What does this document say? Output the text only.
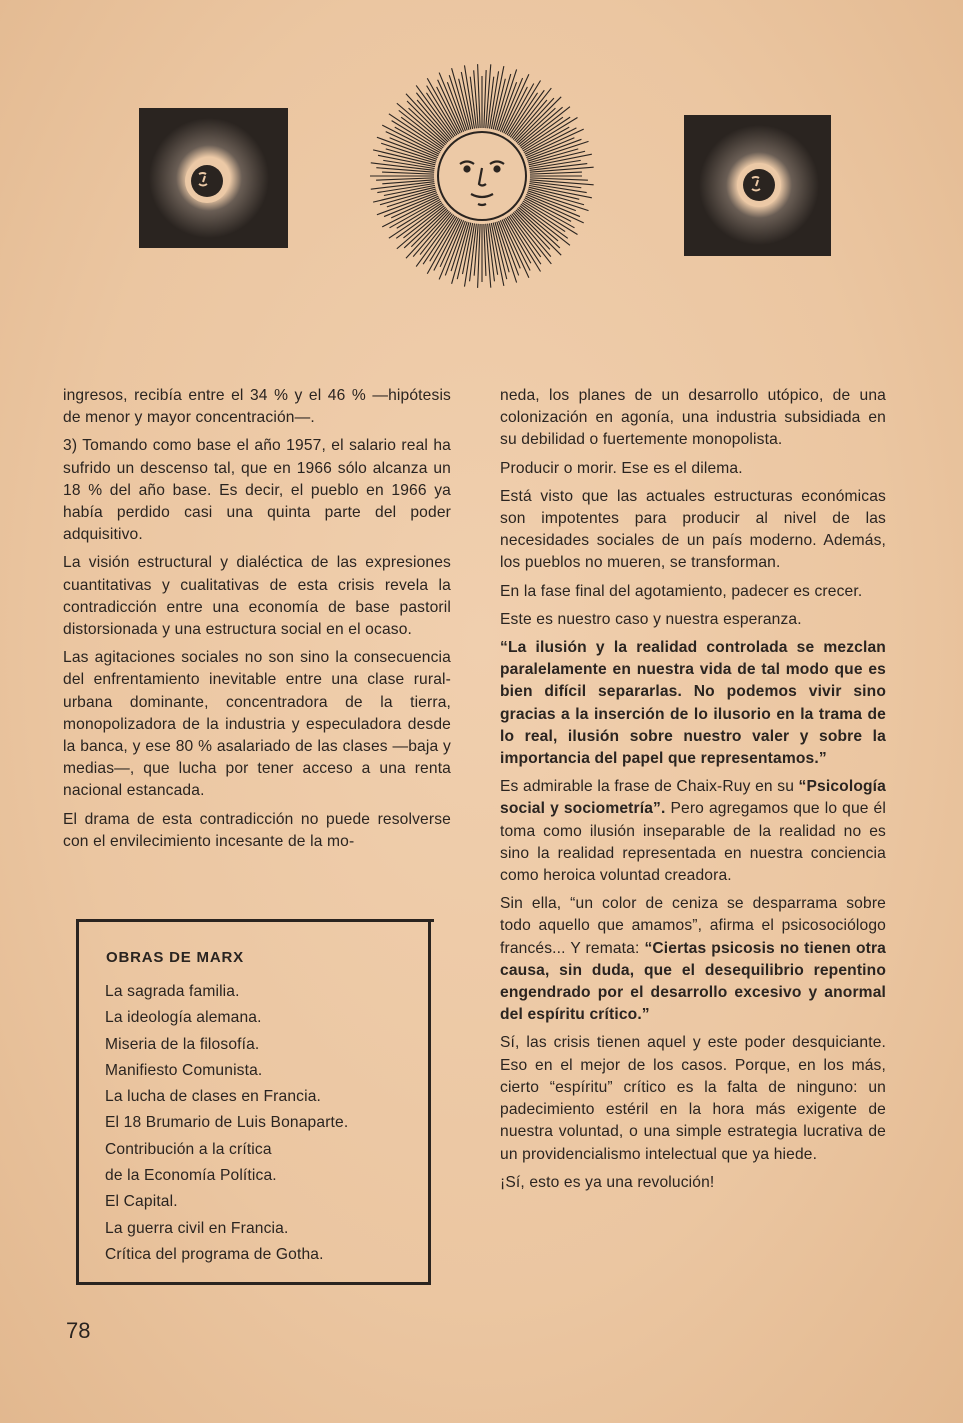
ingresos, recibía entre el 34 % y el 46 % —hipótesis de menor y mayor concentración—.

3) Tomando como base el año 1957, el salario real ha sufrido un descenso tal, que en 1966 sólo alcanza un 18 % del año base. Es decir, el pueblo en 1966 ya había perdido casi una quinta parte del poder adquisitivo.

La visión estructural y dialéctica de las expresiones cuantitativas y cualitativas de esta crisis revela la contradicción entre una economía de base pastoril distorsionada y una estructura social en el ocaso.

Las agitaciones sociales no son sino la consecuencia del enfrentamiento inevitable entre una clase rural-urbana dominante, concentradora de la tierra, monopolizadora de la industria y especuladora desde la banca, y ese 80 % asalariado de las clases —baja y medias—, que lucha por tener acceso a una renta nacional estancada.

El drama de esta contradicción no puede resolverse con el envilecimiento incesante de la mo-

neda, los planes de un desarrollo utópico, de una colonización en agonía, una industria subsidiada en su debilidad o fuertemente monopolista.

Producir o morir. Ese es el dilema.

Está visto que las actuales estructuras económicas son impotentes para producir al nivel de las necesidades sociales de un país moderno. Además, los pueblos no mueren, se transforman.

En la fase final del agotamiento, padecer es crecer.

Este es nuestro caso y nuestra esperanza.

“La ilusión y la realidad controlada se mezclan paralelamente en nuestra vida de tal modo que es bien difícil separarlas. No podemos vivir sino gracias a la inserción de lo ilusorio en la trama de lo real, ilusión sobre nuestro valer y sobre la importancia del papel que representamos.”

Es admirable la frase de Chaix-Ruy en su “Psicología social y sociometría”. Pero agregamos que lo que él toma como ilusión inseparable de la realidad no es sino la realidad representada en nuestra conciencia como heroica voluntad creadora.

Sin ella, “un color de ceniza se desparrama sobre todo aquello que amamos”, afirma el psicosociólogo francés... Y remata: “Ciertas psicosis no tienen otra causa, sin duda, que el desequilibrio repentino engendrado por el desarrollo excesivo y anormal del espíritu crítico.”

Sí, las crisis tienen aquel y este poder desquiciante. Eso en el mejor de los casos. Porque, en los más, cierto “espíritu” crítico es la falta de ninguno: un padecimiento estéril en la hora más exigente de nuestra voluntad, o una simple estrategia lucrativa de un providencialismo intelectual que ya hiede.

¡Sí, esto es ya una revolución!

OBRAS DE MARX
La sagrada familia.
La ideología alemana.
Miseria de la filosofía.
Manifiesto Comunista.
La lucha de clases en Francia.
El 18 Brumario de Luis Bonaparte.
Contribución a la crítica
de la Economía Política.
El Capital.
La guerra civil en Francia.
Crítica del programa de Gotha.
78
